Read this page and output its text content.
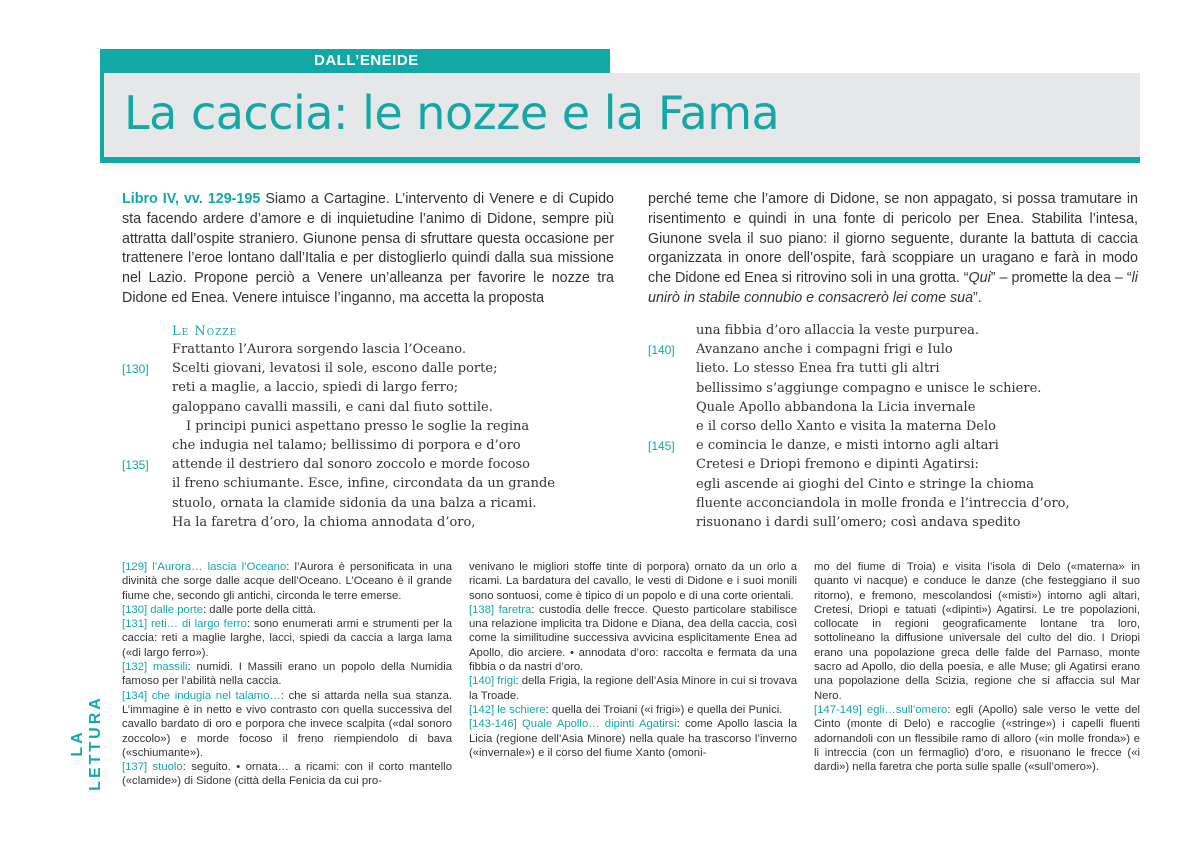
DALL’ENEIDE
La caccia: le nozze e la Fama
Libro IV, vv. 129-195 Siamo a Cartagine. L’intervento di Venere e di Cupido sta facendo ardere d’amore e di inquietudine l’animo di Didone, sempre più attratta dall’ospite straniero. Giunone pensa di sfruttare questa occasione per trattenere l’eroe lontano dall’Italia e per distoglierlo quindi dalla sua missione nel Lazio. Propone perciò a Venere un’alleanza per favorire le nozze tra Didone ed Enea. Venere intuisce l’inganno, ma accetta la proposta
perché teme che l’amore di Didone, se non appagato, si possa tramutare in risentimento e quindi in una fonte di pericolo per Enea. Stabilita l’intesa, Giunone svela il suo piano: il giorno seguente, durante la battuta di caccia organizzata in onore dell’ospite, farà scoppiare un uragano e farà in modo che Didone ed Enea si ritrovino soli in una grotta. “Qui” – promette la dea – “li unirò in stabile connubio e consacrerò lei come sua”.
Le Nozze
Frattanto l’Aurora sorgendo lascia l’Oceano.
[130] Scelti giovani, levatosi il sole, escono dalle porte;
reti a maglie, a laccio, spiedi di largo ferro;
galoppano cavalli massili, e cani dal fiuto sottile.
I principi punici aspettano presso le soglie la regina
che indugia nel talamo; bellissimo di porpora e d’oro
[135] attende il destriero dal sonoro zoccolo e morde focoso
il freno schiumante. Esce, infine, circondata da un grande
stuolo, ornata la clamide sidonia da una balza a ricami.
Ha la faretra d’oro, la chioma annodata d’oro,
una fibbia d’oro allaccia la veste purpurea.
[140] Avanzano anche i compagni frigi e Iulo
lieto. Lo stesso Enea fra tutti gli altri
bellissimo s’aggiunge compagno e unisce le schiere.
Quale Apollo abbandona la Licia invernale
e il corso dello Xanto e visita la materna Delo
[145] e comincia le danze, e misti intorno agli altari
Cretesi e Driopi fremono e dipinti Agatirsi:
egli ascende ai gioghi del Cinto e stringe la chioma
fluente acconciandola in molle fronda e l’intreccia d’oro,
risuonano i dardi sull’omero; così andava spedito
[129] l’Aurora… lascia l’Oceano: l’Aurora è personificata in una divinità che sorge dalle acque dell’Oceano. L’Oceano è il grande fiume che, secondo gli antichi, circonda le terre emerse.
[130] dalle porte: dalle porte della città.
[131] reti… di largo ferro: sono enumerati armi e strumenti per la caccia: reti a maglie larghe, lacci, spiedi da caccia a larga lama («di largo ferro»).
[132] massili: numidi. I Massili erano un popolo della Numidia famoso per l’abilità nella caccia.
[134] che indugia nel talamo…: che si attarda nella sua stanza. L’immagine è in netto e vivo contrasto con quella successiva del cavallo bardato di oro e porpora che invece scalpita («dal sonoro zoccolo») e morde focoso il freno riempiendolo di bava («schiumante»).
[137] stuolo: seguito. • ornata… a ricami: con il corto mantello («clamide») di Sidone (città della Fenicia da cui pro-

venivano le migliori stoffe tinte di porpora) ornato da un orlo a ricami. La bardatura del cavallo, le vesti di Didone e i suoi monili sono sontuosi, come è tipico di un popolo e di una corte orientali.
[138] faretra: custodia delle frecce. Questo particolare stabilisce una relazione implicita tra Didone e Diana, dea della caccia, così come la similitudine successiva avvicina esplicitamente Enea ad Apollo, dio arciere. • annodata d’oro: raccolta e fermata da una fibbia o da nastri d’oro.
[140] frigi: della Frigia, la regione dell’Asia Minore in cui si trovava la Troade.
[142] le schiere: quella dei Troiani («i frigi») e quella dei Punici.
[143-146] Quale Apollo… dipinti Agatirsi: come Apollo lascia la Licia (regione dell’Asia Minore) nella quale ha trascorso l’inverno («invernale») e il corso del fiume Xanto (omoni-

mo del fiume di Troia) e visita l’isola di Delo («materna» in quanto vi nacque) e conduce le danze (che festeggiano il suo ritorno), e fremono, mescolandosi («misti») intorno agli altari, Cretesi, Driopi e tatuati («dipinti») Agatirsi. Le tre popolazioni, collocate in regioni geograficamente lontane tra loro, sottolineano la diffusione universale del culto del dio. I Driopi erano una popolazione greca delle falde del Parnaso, monte sacro ad Apollo, dio della poesia, e alle Muse; gli Agatirsi erano una popolazione della Scizia, regione che si affaccia sul Mar Nero.
[147-149] egli…sull’omero: egli (Apollo) sale verso le vette del Cinto (monte di Delo) e raccoglie («stringe») i capelli fluenti adornandoli con un flessibile ramo di alloro («in molle fronda») e li intreccia (con un fermaglio) d’oro, e risuonano le frecce («i dardi») nella faretra che porta sulle spalle («sull’omero»).

LA LETTURA
